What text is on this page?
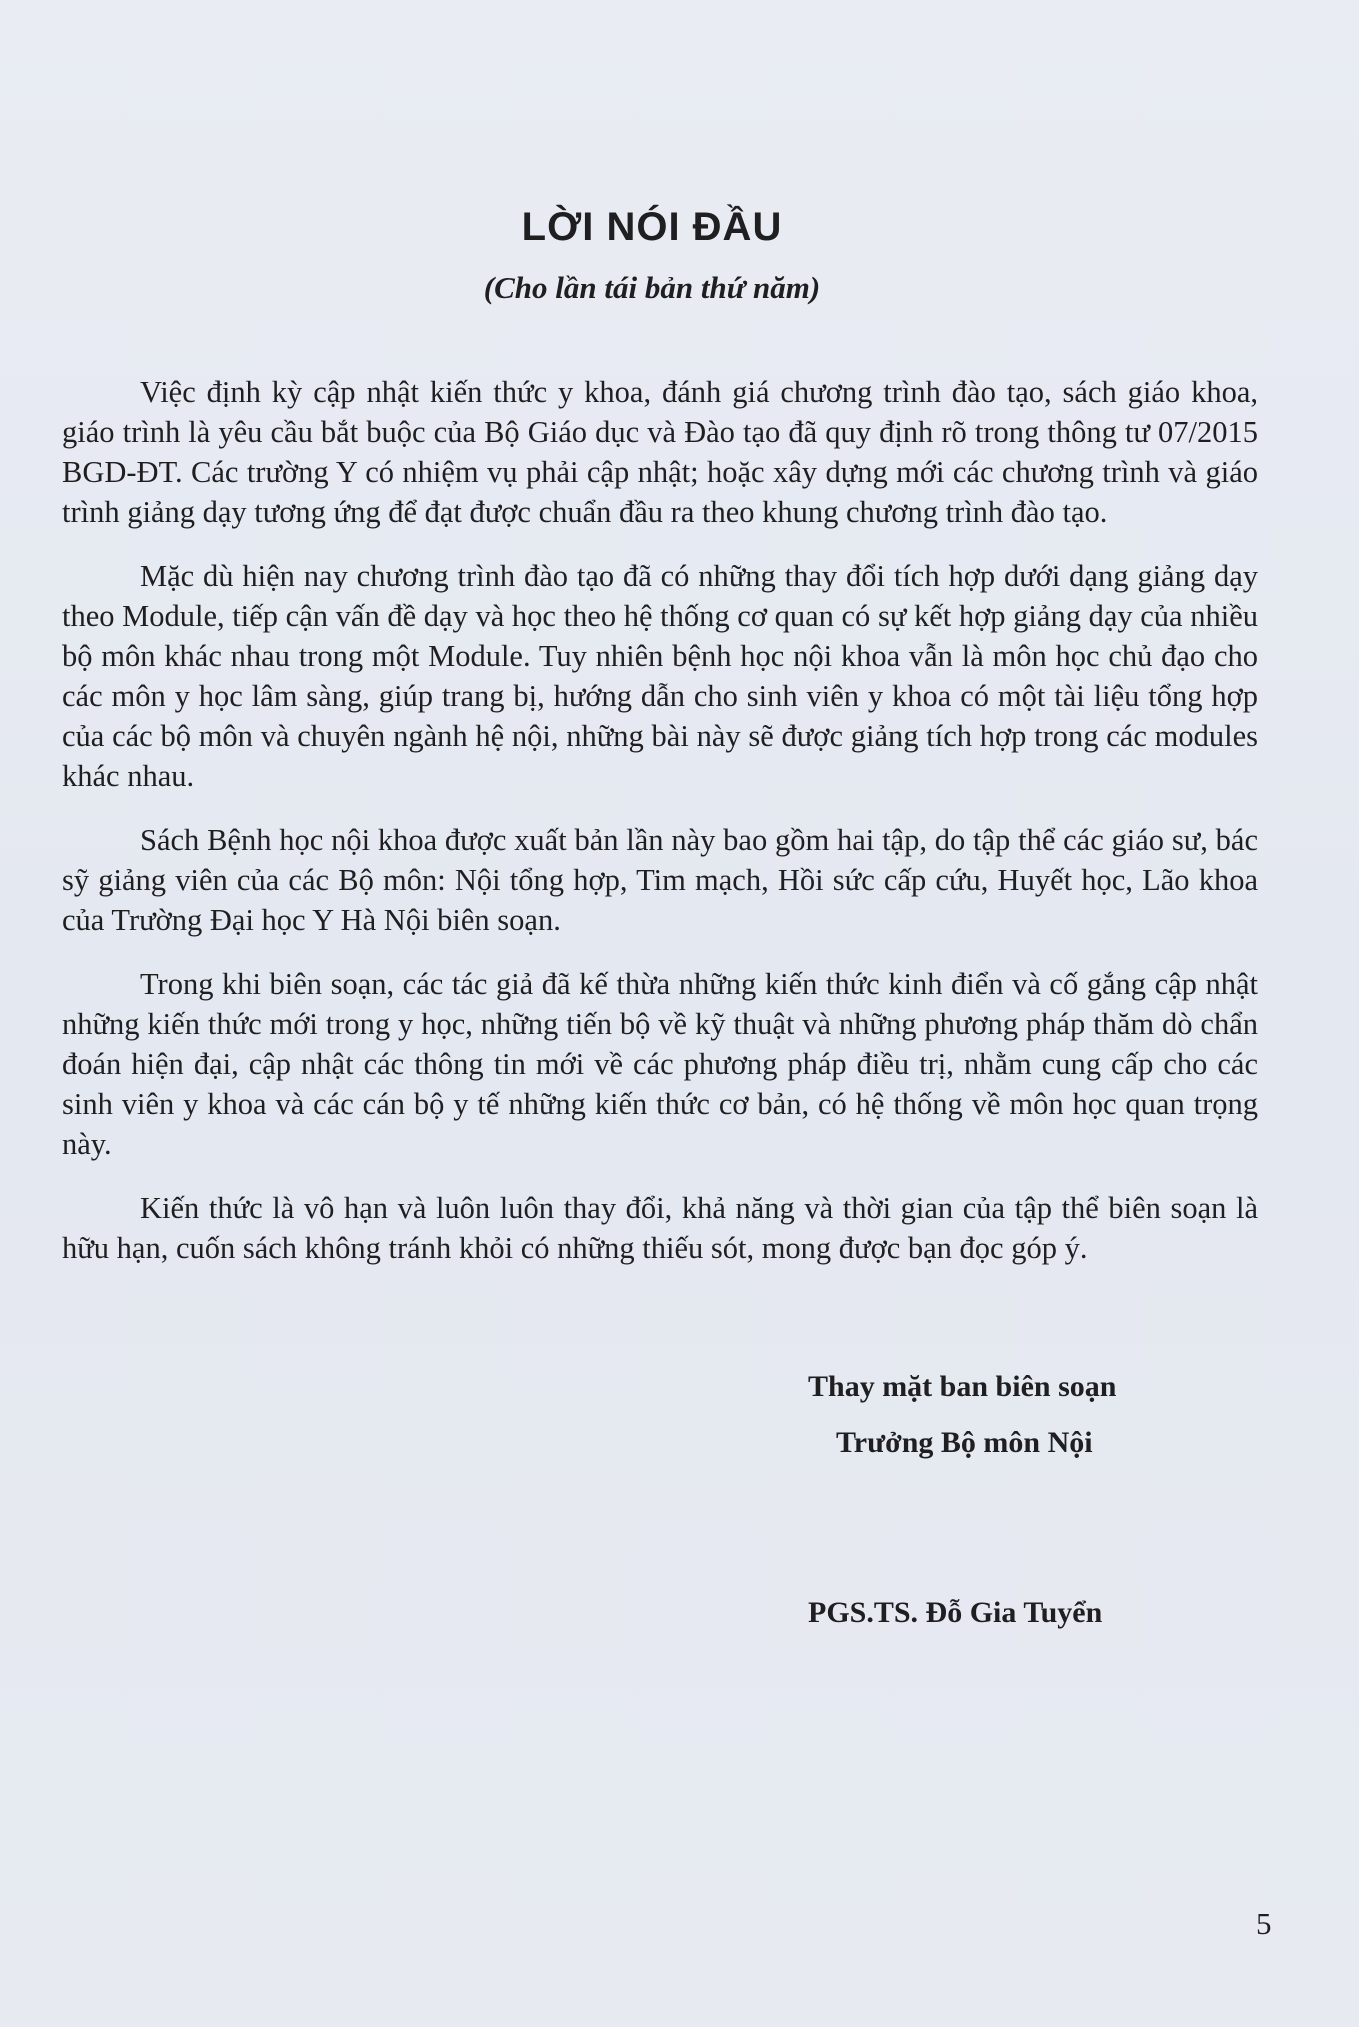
LỜI NÓI ĐẦU

(Cho lần tái bản thứ năm)

Việc định kỳ cập nhật kiến thức y khoa, đánh giá chương trình đào tạo, sách giáo khoa, giáo trình là yêu cầu bắt buộc của Bộ Giáo dục và Đào tạo đã quy định rõ trong thông tư 07/2015 BGD-ĐT. Các trường Y có nhiệm vụ phải cập nhật; hoặc xây dựng mới các chương trình và giáo trình giảng dạy tương ứng để đạt được chuẩn đầu ra theo khung chương trình đào tạo.

Mặc dù hiện nay chương trình đào tạo đã có những thay đổi tích hợp dưới dạng giảng dạy theo Module, tiếp cận vấn đề dạy và học theo hệ thống cơ quan có sự kết hợp giảng dạy của nhiều bộ môn khác nhau trong một Module. Tuy nhiên bệnh học nội khoa vẫn là môn học chủ đạo cho các môn y học lâm sàng, giúp trang bị, hướng dẫn cho sinh viên y khoa có một tài liệu tổng hợp của các bộ môn và chuyên ngành hệ nội, những bài này sẽ được giảng tích hợp trong các modules khác nhau.

Sách Bệnh học nội khoa được xuất bản lần này bao gồm hai tập, do tập thể các giáo sư, bác sỹ giảng viên của các Bộ môn: Nội tổng hợp, Tim mạch, Hồi sức cấp cứu, Huyết học, Lão khoa của Trường Đại học Y Hà Nội biên soạn.

Trong khi biên soạn, các tác giả đã kế thừa những kiến thức kinh điển và cố gắng cập nhật những kiến thức mới trong y học, những tiến bộ về kỹ thuật và những phương pháp thăm dò chẩn đoán hiện đại, cập nhật các thông tin mới về các phương pháp điều trị, nhằm cung cấp cho các sinh viên y khoa và các cán bộ y tế những kiến thức cơ bản, có hệ thống về môn học quan trọng này.

Kiến thức là vô hạn và luôn luôn thay đổi, khả năng và thời gian của tập thể biên soạn là hữu hạn, cuốn sách không tránh khỏi có những thiếu sót, mong được bạn đọc góp ý.

Thay mặt ban biên soạn

Trưởng Bộ môn Nội

PGS.TS. Đỗ Gia Tuyển

5
